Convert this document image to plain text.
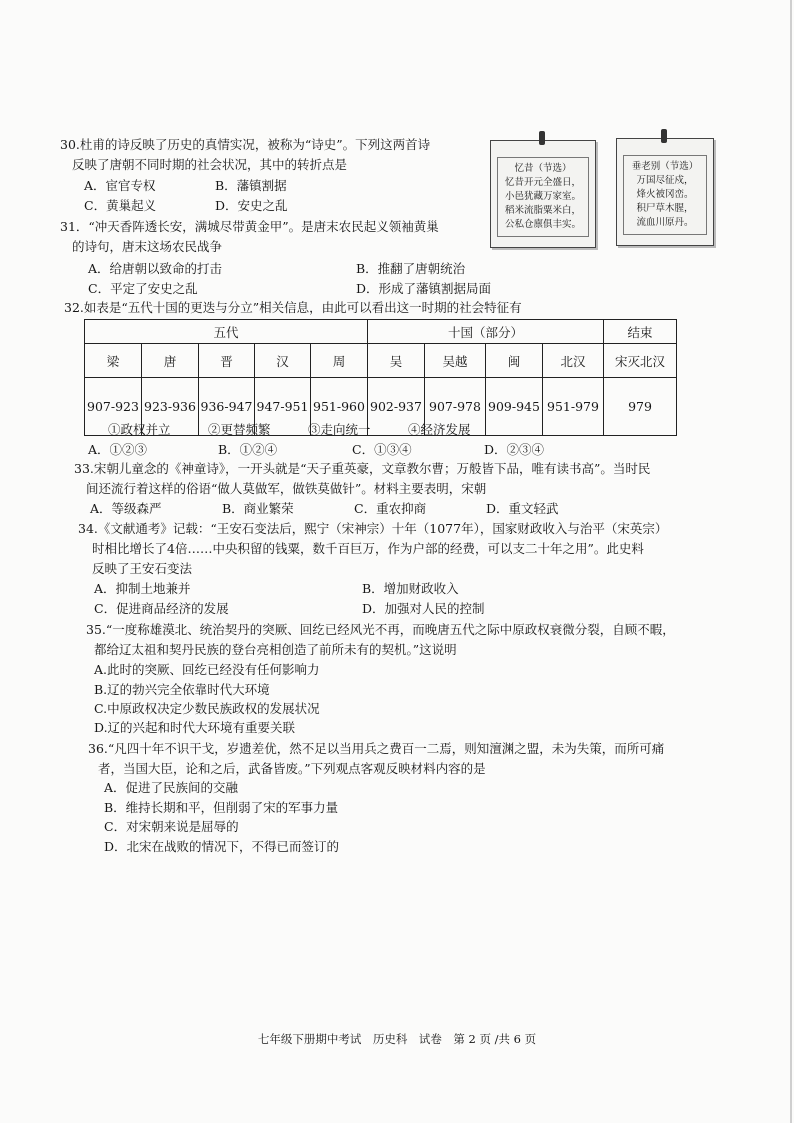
30.杜甫的诗反映了历史的真情实况，被称为“诗史”。下列这两首诗
反映了唐朝不同时期的社会状况，其中的转折点是
A．宦官专权	B．藩镇割据
C．黄巢起义	D．安史之乱
忆昔（节选）
忆昔开元全盛日，
小邑犹藏万家室。
稻米流脂粟米白，
公私仓廪俱丰实。
垂老别（节选）
万国尽征戍，
烽火被冈峦。
积尸草木腥，
流血川原丹。
31．“冲天香阵透长安，满城尽带黄金甲”。是唐末农民起义领袖黄巢
的诗句，唐末这场农民战争
A．给唐朝以致命的打击	B．推翻了唐朝统治
C．平定了安史之乱	D．形成了藩镇割据局面
32.如表是“五代十国的更迭与分立”相关信息，由此可以看出这一时期的社会特征有
五代					十国（部分）				结束
梁	唐	晋	汉	周	吴	吴越	闽	北汉	宋灭北汉
907-923	923-936	936-947	947-951	951-960	902-937	907-978	909-945	951-979	979
①政权并立　　　②更替频繁　　　③走向统一　　　④经济发展
A．①②③	B．①②④	C．①③④	D．②③④
33.宋朝儿童念的《神童诗》，一开头就是“天子重英豪，文章教尔曹；万般皆下品，唯有读书高”。当时民
间还流行着这样的俗语“做人莫做军，做铁莫做针”。材料主要表明，宋朝
A．等级森严	B．商业繁荣	C．重农抑商	D．重文轻武
34.《文献通考》记载：“王安石变法后，熙宁（宋神宗）十年（1077年），国家财政收入与治平（宋英宗）
时相比增长了4倍……中央积留的钱粟，数千百巨万，作为户部的经费，可以支二十年之用”。此史料
反映了王安石变法
A．抑制土地兼并	B．增加财政收入
C．促进商品经济的发展	D．加强对人民的控制
35.“一度称雄漠北、统治契丹的突厥、回纥已经风光不再，而晚唐五代之际中原政权衰微分裂，自顾不暇，
都给辽太祖和契丹民族的登台亮相创造了前所未有的契机。”这说明
A.此时的突厥、回纥已经没有任何影响力
B.辽的勃兴完全依靠时代大环境
C.中原政权决定少数民族政权的发展状况
D.辽的兴起和时代大环境有重要关联
36.“凡四十年不识干戈，岁遗差优，然不足以当用兵之费百一二焉，则知澶渊之盟，未为失策，而所可痛
者，当国大臣，论和之后，武备皆废。”下列观点客观反映材料内容的是
A．促进了民族间的交融
B．维持长期和平，但削弱了宋的军事力量
C．对宋朝来说是屈辱的
D．北宋在战败的情况下，不得已而签订的
七年级下册期中考试　历史科　试卷　第 2 页 /共 6 页
